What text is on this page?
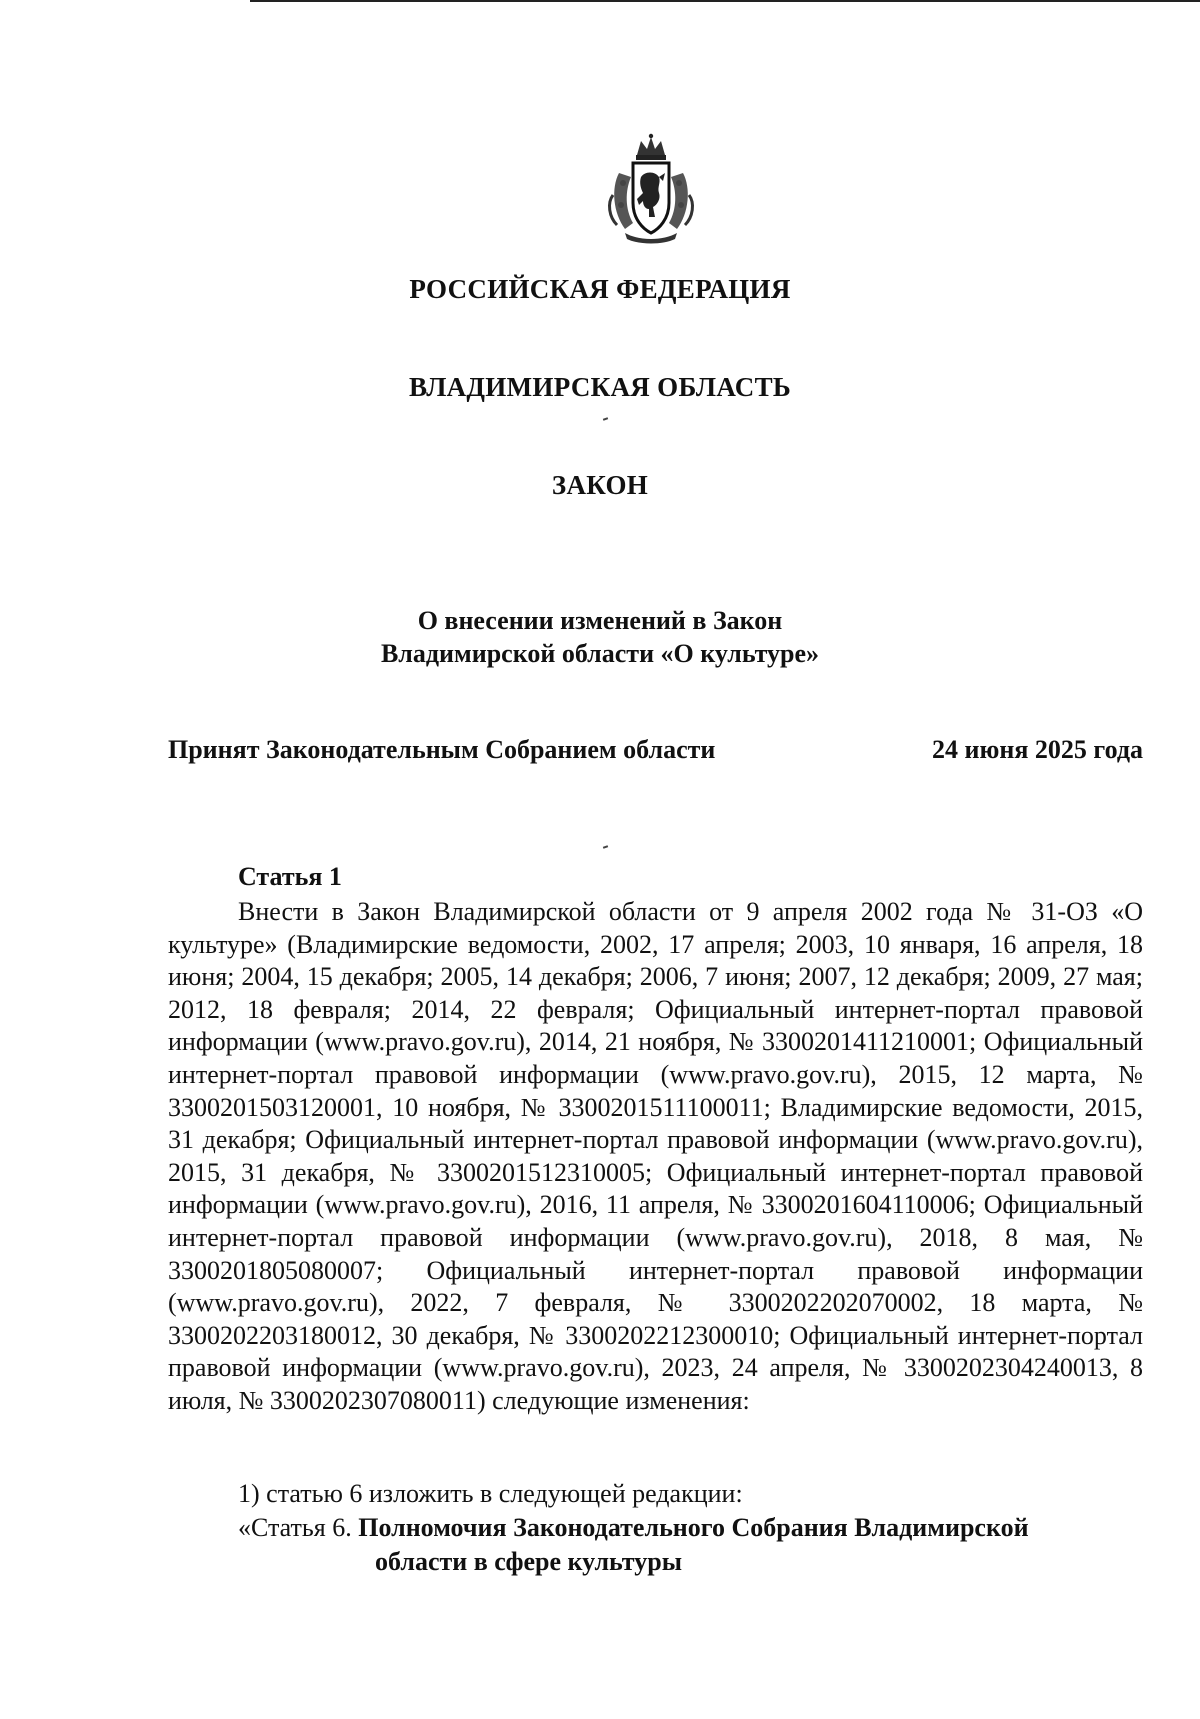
РОССИЙСКАЯ ФЕДЕРАЦИЯ
ВЛАДИМИРСКАЯ ОБЛАСТЬ
ЗАКОН
О внесении изменений в Закон
Владимирской области «О культуре»
Принят Законодательным Собранием области	24 июня 2025 года
Статья 1

Внести в Закон Владимирской области от 9 апреля 2002 года № 31-ОЗ «О культуре» (Владимирские ведомости, 2002, 17 апреля; 2003, 10 января, 16 апреля, 18 июня; 2004, 15 декабря; 2005, 14 декабря; 2006, 7 июня; 2007, 12 декабря; 2009, 27 мая; 2012, 18 февраля; 2014, 22 февраля; Официальный интернет-портал правовой информации (www.pravo.gov.ru), 2014, 21 ноября, № 3300201411210001; Официальный интернет-портал правовой информации (www.pravo.gov.ru), 2015, 12 марта, № 3300201503120001, 10 ноября, № 3300201511100011; Владимирские ведомости, 2015, 31 декабря; Официальный интернет-портал правовой информации (www.pravo.gov.ru), 2015, 31 декабря, № 3300201512310005; Официальный интернет-портал правовой информации (www.pravo.gov.ru), 2016, 11 апреля, № 3300201604110006; Официальный интернет-портал правовой информации (www.pravo.gov.ru), 2018, 8 мая, № 3300201805080007; Официальный интернет-портал правовой информации (www.pravo.gov.ru), 2022, 7 февраля, № 3300202202070002, 18 марта, № 3300202203180012, 30 декабря, № 3300202212300010; Официальный интернет-портал правовой информации (www.pravo.gov.ru), 2023, 24 апреля, № 3300202304240013, 8 июля, № 3300202307080011) следующие изменения:

1) статью 6 изложить в следующей редакции:
«Статья 6. Полномочия Законодательного Собрания Владимирской
области в сфере культуры
